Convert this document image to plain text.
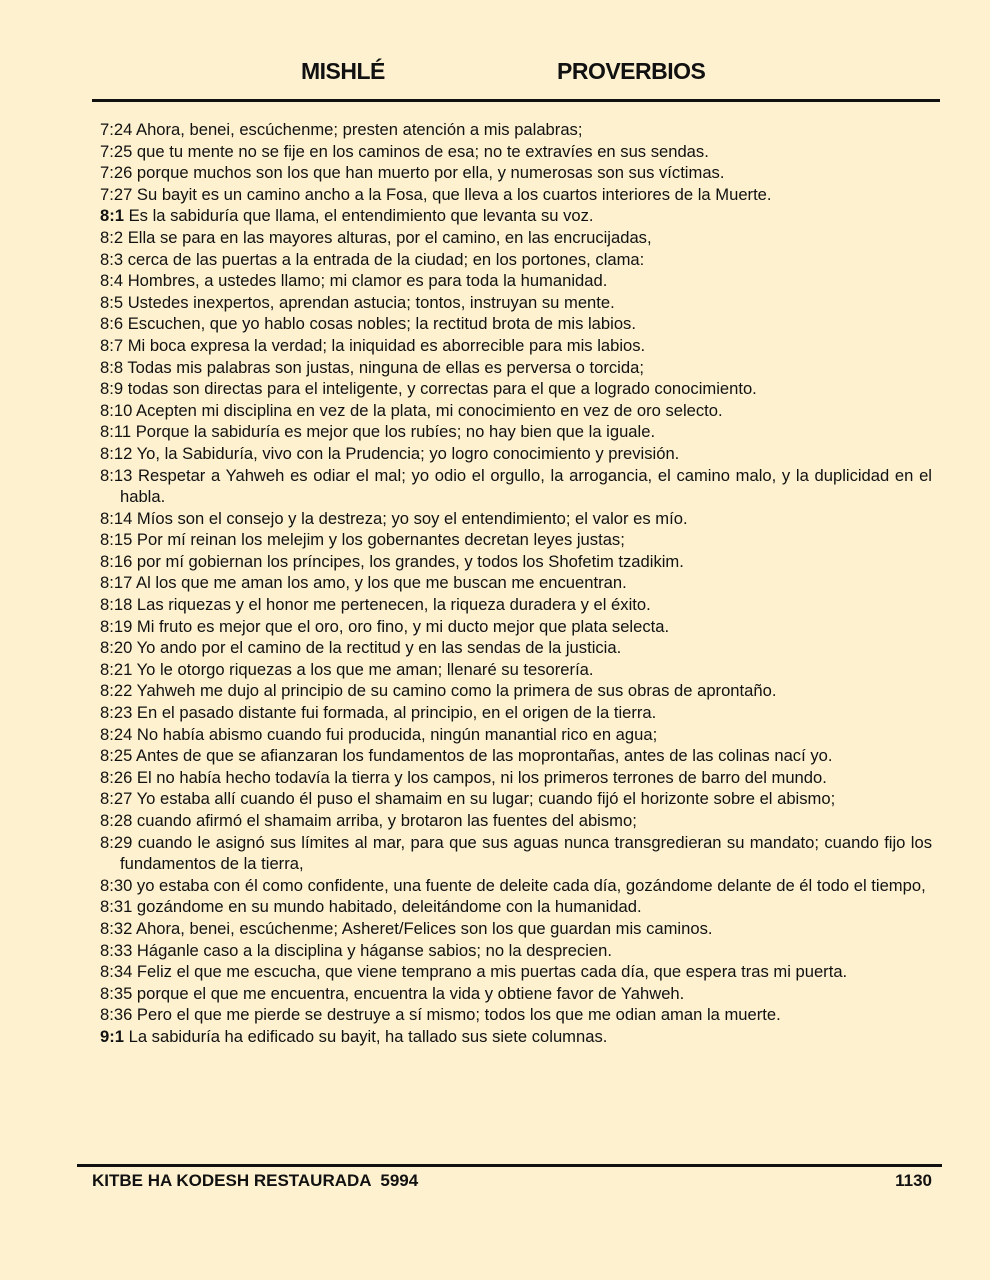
MISHLÉ	PROVERBIOS
7:24 Ahora, benei, escúchenme; presten atención a mis palabras;
7:25 que tu mente no se fije en los caminos de esa; no te extravíes en sus sendas.
7:26 porque muchos son los que han muerto por ella, y numerosas son sus víctimas.
7:27 Su bayit es un camino ancho a la Fosa, que lleva a los cuartos interiores de la Muerte.
8:1 Es la sabiduría que llama, el entendimiento que levanta su voz.
8:2 Ella se para en las mayores alturas, por el camino, en las encrucijadas,
8:3 cerca de las puertas a la entrada de la ciudad; en los portones, clama:
8:4 Hombres, a ustedes llamo; mi clamor es para toda la humanidad.
8:5 Ustedes inexpertos, aprendan astucia; tontos, instruyan su mente.
8:6 Escuchen, que yo hablo cosas nobles; la rectitud brota de mis labios.
8:7 Mi boca expresa la verdad; la iniquidad es aborrecible para mis labios.
8:8 Todas mis palabras son justas, ninguna de ellas es perversa o torcida;
8:9 todas son directas para el inteligente, y correctas para el que a logrado conocimiento.
8:10 Acepten mi disciplina en vez de la plata, mi conocimiento en vez de oro selecto.
8:11 Porque la sabiduría es mejor que los rubíes; no hay bien que la iguale.
8:12 Yo, la Sabiduría, vivo con la Prudencia; yo logro conocimiento y previsión.
8:13 Respetar a Yahweh es odiar el mal; yo odio el orgullo, la arrogancia, el camino malo, y la duplicidad en el habla.
8:14 Míos son el consejo y la destreza; yo soy el entendimiento; el valor es mío.
8:15 Por mí reinan los melejim y los gobernantes decretan leyes justas;
8:16 por mí gobiernan los príncipes, los grandes, y todos los Shofetim tzadikim.
8:17 Al los que me aman los amo, y los que me buscan me encuentran.
8:18 Las riquezas y el honor me pertenecen, la riqueza duradera y el éxito.
8:19 Mi fruto es mejor que el oro, oro fino, y mi ducto mejor que plata selecta.
8:20 Yo ando por el camino de la rectitud y en las sendas de la justicia.
8:21 Yo le otorgo riquezas a los que me aman; llenaré su tesorería.
8:22 Yahweh me dujo al principio de su camino como la primera de sus obras de aprontaño.
8:23 En el pasado distante fui formada, al principio, en el origen de la tierra.
8:24 No había abismo cuando fui producida, ningún manantial rico en agua;
8:25 Antes de que se afianzaran los fundamentos de las moprontañas, antes de las colinas nací yo.
8:26 El no había hecho todavía la tierra y los campos, ni los primeros terrones de barro del mundo.
8:27 Yo estaba allí cuando él puso el shamaim en su lugar; cuando fijó el horizonte sobre el abismo;
8:28 cuando afirmó el shamaim arriba, y brotaron las fuentes del abismo;
8:29 cuando le asignó sus límites al mar, para que sus aguas nunca transgredieran su mandato; cuando fijo los fundamentos de la tierra,
8:30 yo estaba con él como confidente, una fuente de deleite cada día, gozándome delante de él todo el tiempo,
8:31 gozándome en su mundo habitado, deleitándome con la humanidad.
8:32 Ahora, benei, escúchenme; Asheret/Felices son los que guardan mis caminos.
8:33 Háganle caso a la disciplina y háganse sabios; no la desprecien.
8:34 Feliz el que me escucha, que viene temprano a mis puertas cada día, que espera tras mi puerta.
8:35 porque el que me encuentra, encuentra la vida y obtiene favor de Yahweh.
8:36 Pero el que me pierde se destruye a sí mismo; todos los que me odian aman la muerte.
9:1 La sabiduría ha edificado su bayit, ha tallado sus siete columnas.
KITBE HA KODESH RESTAURADA  5994	1130
